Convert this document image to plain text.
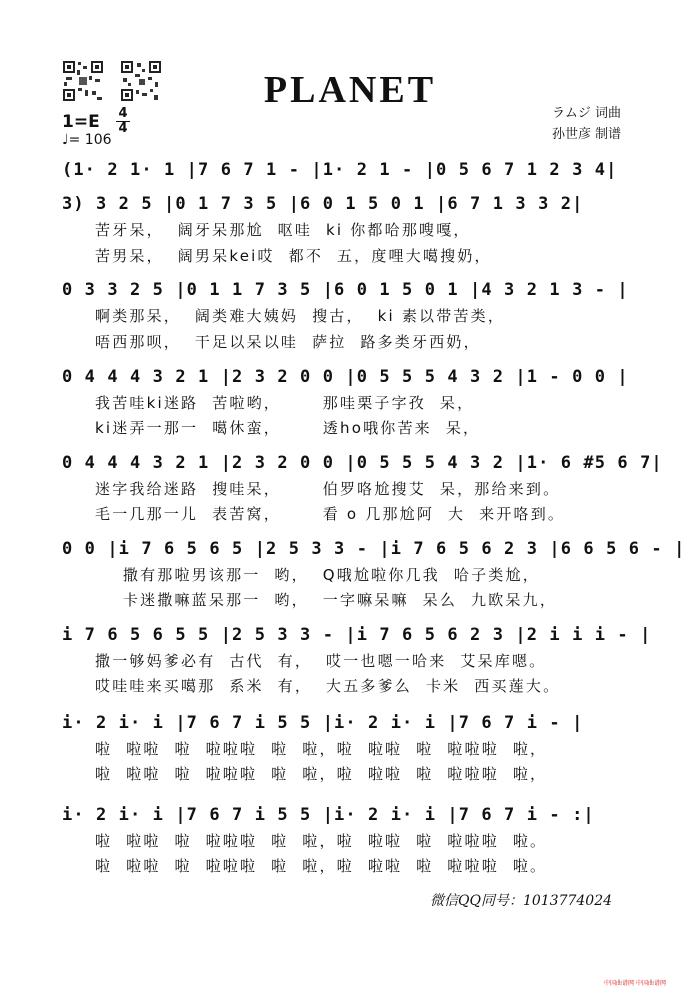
PLANET
ラムジ 词曲
孙世彦 制谱
1=E 4
4
♩= 106
(1· 2 1· 1 |7 6 7 1 - |1· 2 1 - |0 5 6 7 1 2 3 4|
3) 3 2 5 |0 1 7 3 5 |6 0 1 5 0 1 |6 7 1 3 3 2|
苦牙呆，  阔牙呆那尬  呕哇  ki 你都哈那嗖嘎，
苦男呆，  阔男呆kei哎  都不  五，度哩大噶搜奶，
0 3 3 2 5 |0 1 1 7 3 5 |6 0 1 5 0 1 |4 3 2 1 3 - |
啊类那呆，  阔类难大姨妈  搜古，  ki 素以带苦类，
唔西那呗，  干足以呆以哇  萨拉  路多类牙西奶，
0 4 4 4 3 2 1 |2 3 2 0 0 |0 5 5 5 4 3 2 |1 - 0 0 |
我苦哇ki迷路  苦啦哟，      那哇栗子字孜  呆，
ki迷弄一那一  噶休蛮，      透ho哦你苦来  呆，
0 4 4 4 3 2 1 |2 3 2 0 0 |0 5 5 5 4 3 2 |1· 6 #5 6 7|
迷字我给迷路  搜哇呆，      伯罗咯尬搜艾  呆，那给来到。
毛一几那一儿  表苦窝，      看 o 几那尬阿  大  来开咯到。
0 0 |i 7 6 5 6 5 |2 5 3 3 - |i 7 6 5 6 2 3 |6 6 5 6 - |
撒有那啦男该那一  哟，  Q哦尬啦你几我  哈子类尬，
卡迷撒嘛蓝呆那一  哟，  一字嘛呆嘛  呆么  九欧呆九，
i 7 6 5 6 5 5 |2 5 3 3 - |i 7 6 5 6 2 3 |2 i i i - |
撒一够妈爹必有  古代  有，  哎一也嗯一哈来  艾呆库嗯。
哎哇哇来买噶那  系米  有，  大五多爹么  卡米  西买莲大。
i· 2 i· i |7 6 7 i 5 5 |i· 2 i· i |7 6 7 i - |
啦  啦啦  啦  啦啦啦  啦  啦，啦  啦啦  啦  啦啦啦  啦，
啦  啦啦  啦  啦啦啦  啦  啦，啦  啦啦  啦  啦啦啦  啦，
i· 2 i· i |7 6 7 i 5 5 |i· 2 i· i |7 6 7 i - :|
啦  啦啦  啦  啦啦啦  啦  啦，啦  啦啦  啦  啦啦啦  啦。
啦  啦啦  啦  啦啦啦  啦  啦，啦  啦啦  啦  啦啦啦  啦。
微信QQ同号：1013774024
中国曲谱网 中国曲谱网
